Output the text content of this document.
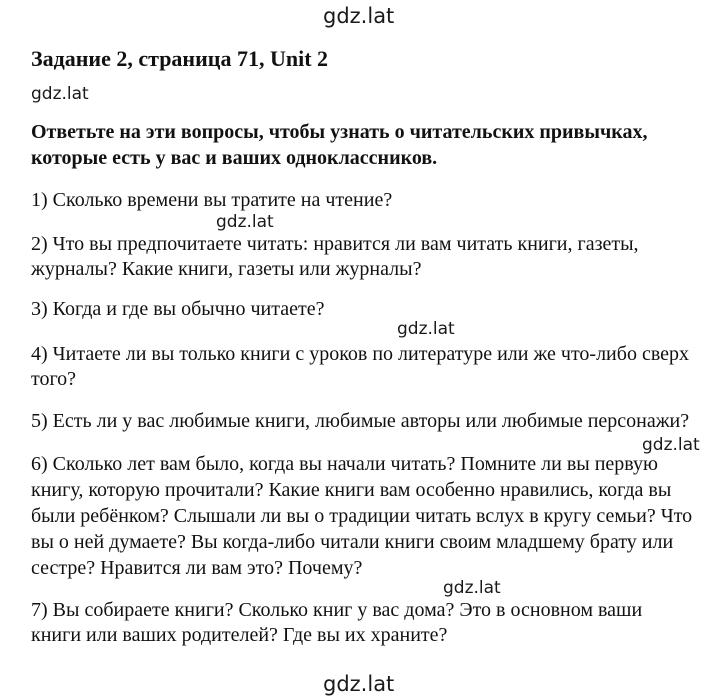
gdz.lat
gdz.lat
gdz.lat
gdz.lat
gdz.lat
gdz.lat
gdz.lat
Задание 2, страница 71, Unit 2
Ответьте на эти вопросы, чтобы узнать о читательских привычках,
которые есть у вас и ваших одноклассников.
1) Сколько времени вы тратите на чтение?
2) Что вы предпочитаете читать: нравится ли вам читать книги, газеты,
журналы? Какие книги, газеты или журналы?
3) Когда и где вы обычно читаете?
4) Читаете ли вы только книги с уроков по литературе или же что-либо сверх
того?
5) Есть ли у вас любимые книги, любимые авторы или любимые персонажи?
6) Сколько лет вам было, когда вы начали читать? Помните ли вы первую
книгу, которую прочитали? Какие книги вам особенно нравились, когда вы
были ребёнком? Слышали ли вы о традиции читать вслух в кругу семьи? Что
вы о ней думаете? Вы когда-либо читали книги своим младшему брату или
сестре? Нравится ли вам это? Почему?
7) Вы собираете книги? Сколько книг у вас дома? Это в основном ваши
книги или ваших родителей? Где вы их храните?
